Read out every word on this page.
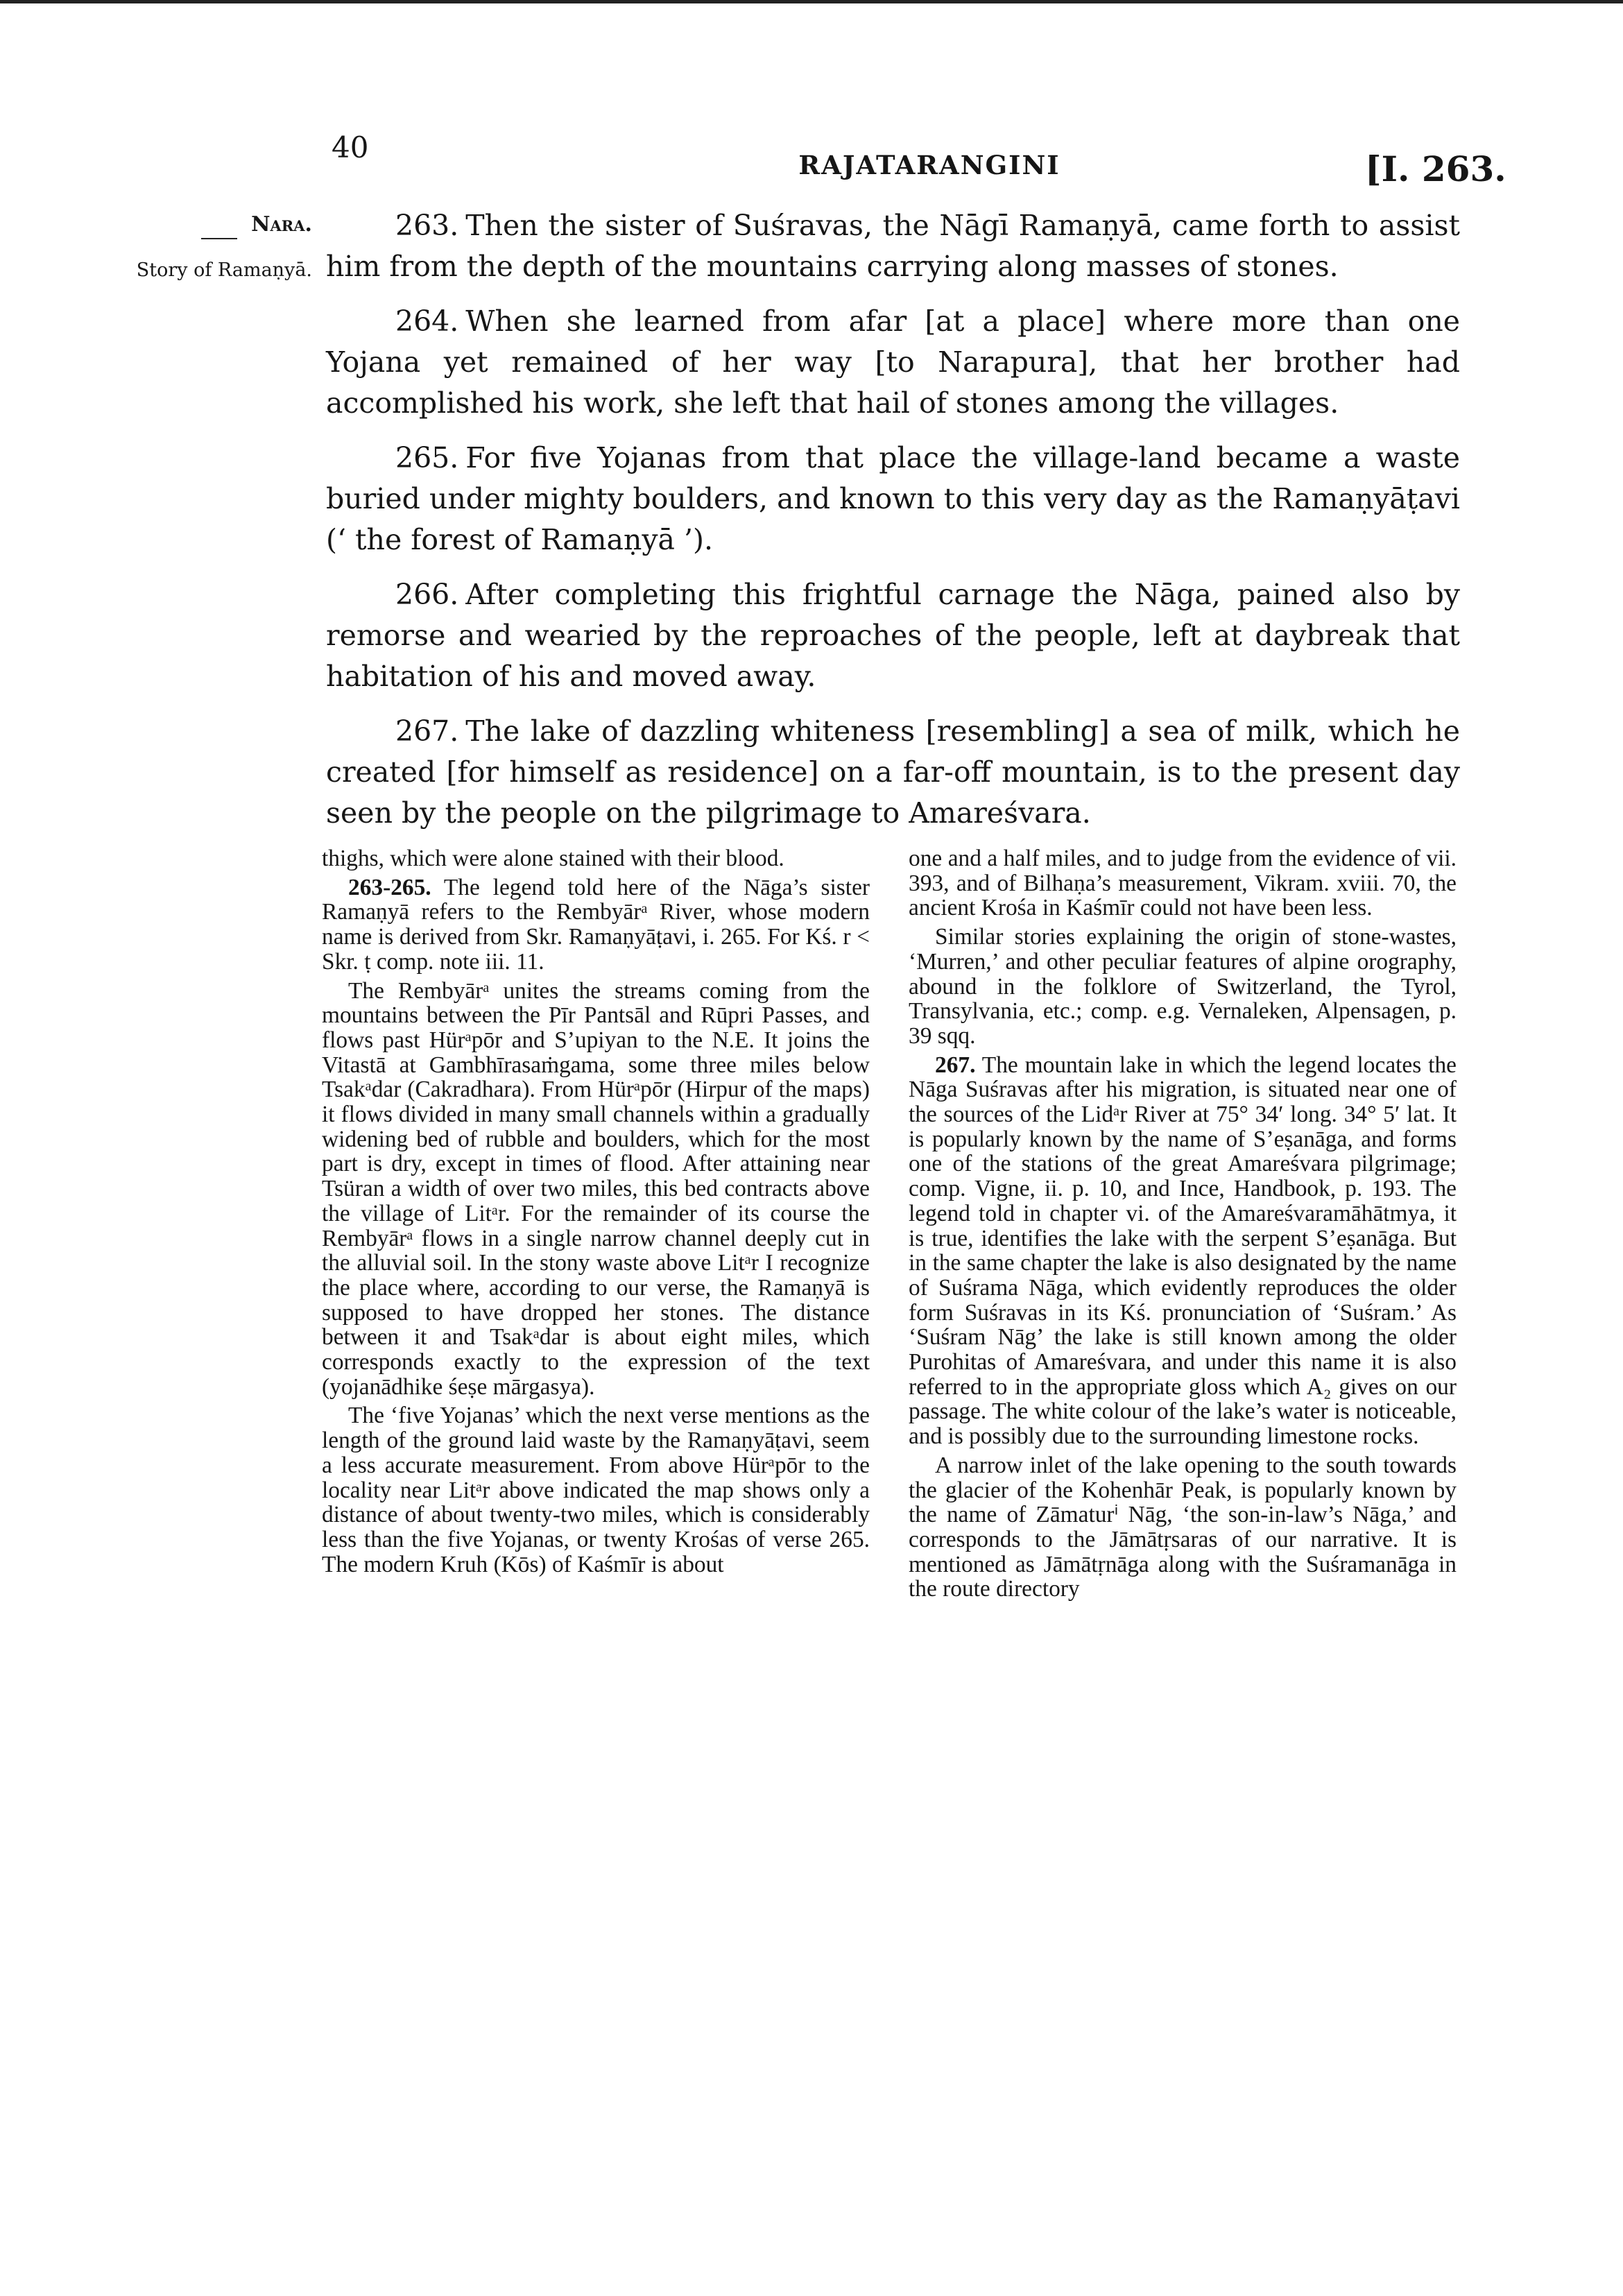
40
RAJATARANGINI	[I. 263.
Nara.
Story of Ramaṇyā.

263. Then the sister of Suśravas, the Nāgī Ramaṇyā, came forth to assist him from the depth of the mountains carrying along masses of stones.

264. When she learned from afar [at a place] where more than one Yojana yet remained of her way [to Narapura], that her brother had accomplished his work, she left that hail of stones among the villages.

265. For five Yojanas from that place the village-land became a waste buried under mighty boulders, and known to this very day as the Ramaṇyāṭavi (‘ the forest of Ramaṇyā ’).

266. After completing this frightful carnage the Nāga, pained also by remorse and wearied by the reproaches of the people, left at daybreak that habitation of his and moved away.

267. The lake of dazzling whiteness [resembling] a sea of milk, which he created [for himself as residence] on a far-off mountain, is to the present day seen by the people on the pilgrimage to Amareśvara.

thighs, which were alone stained with their blood.

263-265. The legend told here of the Nāga’s sister Ramaṇyā refers to the Rembyārᵃ River, whose modern name is derived from Skr. Ramaṇyāṭavi, i. 265. For Kś. r < Skr. ṭ comp. note iii. 11.

The Rembyārᵃ unites the streams coming from the mountains between the Pīr Pantsāl and Rūpri Passes, and flows past Hürᵃpōr and S’upiyan to the N.E. It joins the Vitastā at Gambhīrasaṁgama, some three miles below Tsakᵃdar (Cakradhara). From Hürᵃpōr (Hirpur of the maps) it flows divided in many small channels within a gradually widening bed of rubble and boulders, which for the most part is dry, except in times of flood. After attaining near Tsüran a width of over two miles, this bed contracts above the village of Litᵃr. For the remainder of its course the Rembyārᵃ flows in a single narrow channel deeply cut in the alluvial soil. In the stony waste above Litᵃr I recognize the place where, according to our verse, the Ramaṇyā is supposed to have dropped her stones. The distance between it and Tsakᵃdar is about eight miles, which corresponds exactly to the expression of the text (yojanādhike śeṣe mārgasya).

The ‘five Yojanas’ which the next verse mentions as the length of the ground laid waste by the Ramaṇyāṭavi, seem a less accurate measurement. From above Hürᵃpōr to the locality near Litᵃr above indicated the map shows only a distance of about twenty-two miles, which is considerably less than the five Yojanas, or twenty Krośas of verse 265. The modern Kruh (Kōs) of Kaśmīr is about

one and a half miles, and to judge from the evidence of vii. 393, and of Bilhaṇa’s measurement, Vikram. xviii. 70, the ancient Krośa in Kaśmīr could not have been less.

Similar stories explaining the origin of stone-wastes, ‘Murren,’ and other peculiar features of alpine orography, abound in the folklore of Switzerland, the Tyrol, Transylvania, etc.; comp. e.g. Vernaleken, Alpensagen, p. 39 sqq.

267. The mountain lake in which the legend locates the Nāga Suśravas after his migration, is situated near one of the sources of the Lidᵃr River at 75° 34′ long. 34° 5′ lat. It is popularly known by the name of S’eṣanāga, and forms one of the stations of the great Amareśvara pilgrimage; comp. Vigne, ii. p. 10, and Ince, Handbook, p. 193. The legend told in chapter vi. of the Amareśvaramāhātmya, it is true, identifies the lake with the serpent S’eṣanāga. But in the same chapter the lake is also designated by the name of Suśrama Nāga, which evidently reproduces the older form Suśravas in its Kś. pronunciation of ‘Suśram.’ As ‘Suśram Nāg’ the lake is still known among the older Purohitas of Amareśvara, and under this name it is also referred to in the appropriate gloss which A₂ gives on our passage. The white colour of the lake’s water is noticeable, and is possibly due to the surrounding limestone rocks.

A narrow inlet of the lake opening to the south towards the glacier of the Kohenhār Peak, is popularly known by the name of Zāmaturⁱ Nāg, ‘the son-in-law’s Nāga,’ and corresponds to the Jāmātṛsaras of our narrative. It is mentioned as Jāmātṛnāga along with the Suśramanāga in the route directory
